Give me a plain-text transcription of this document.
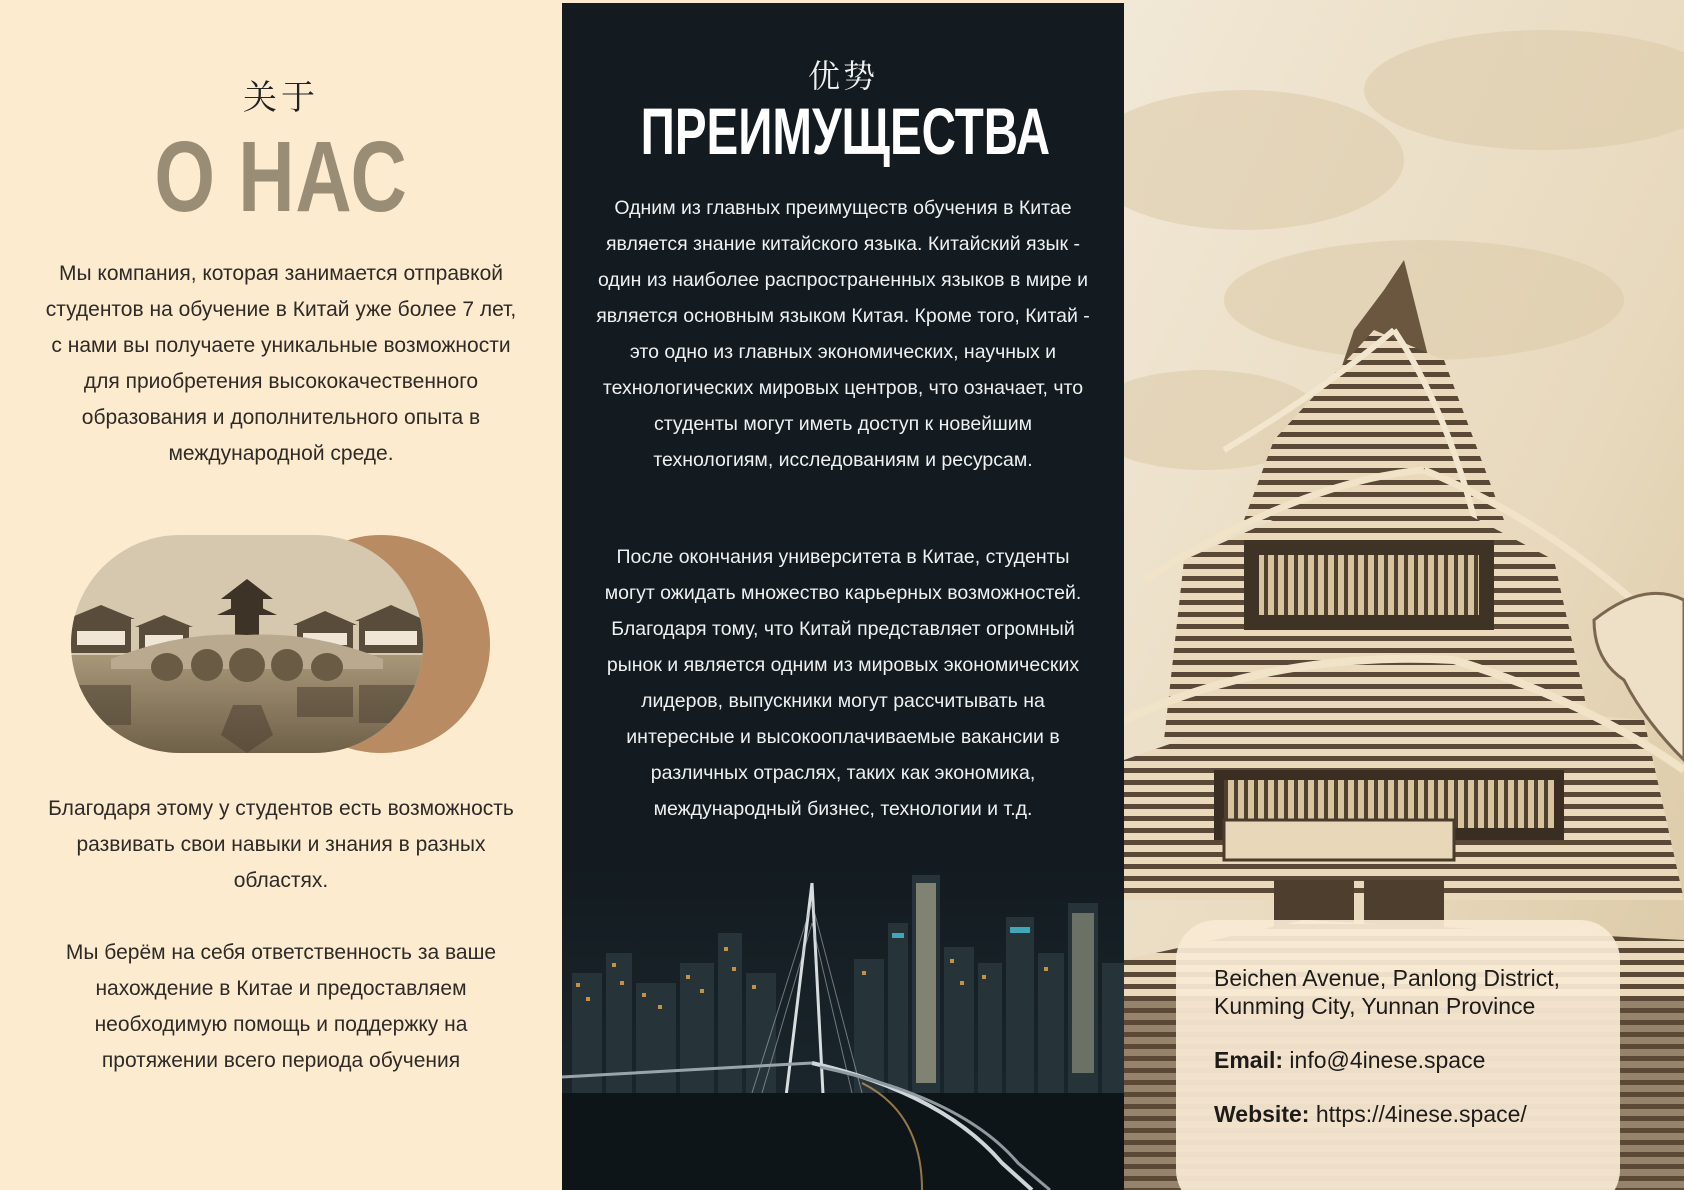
关于
О НАС

Мы компания, которая занимается отправкой студентов на обучение в Китай уже более 7 лет, с нами вы получаете уникальные возможности для приобретения высококачественного образования и дополнительного опыта в международной среде.

Благодаря этому у студентов есть возможность развивать свои навыки и знания в разных областях.

Мы берём на себя ответственность за ваше нахождение в Китае и предоставляем необходимую помощь и поддержку на протяжении всего периода обучения

优势
ПРЕИМУЩЕСТВА

Одним из главных преимуществ обучения в Китае является знание китайского языка. Китайский язык - один из наиболее распространенных языков в мире и является основным языком Китая. Кроме того, Китай - это одно из главных экономических, научных и технологических мировых центров, что означает, что студенты могут иметь доступ к новейшим технологиям, исследованиям и ресурсам.

После окончания университета в Китае, студенты могут ожидать множество карьерных возможностей. Благодаря тому, что Китай представляет огромный рынок и является одним из мировых экономических лидеров, выпускники могут рассчитывать на интересные и высокооплачиваемые вакансии в различных отраслях, таких как экономика, международный бизнес, технологии и т.д.

Beichen Avenue, Panlong District, Kunming City, Yunnan Province

Email: info@4inese.space

Website: https://4inese.space/
